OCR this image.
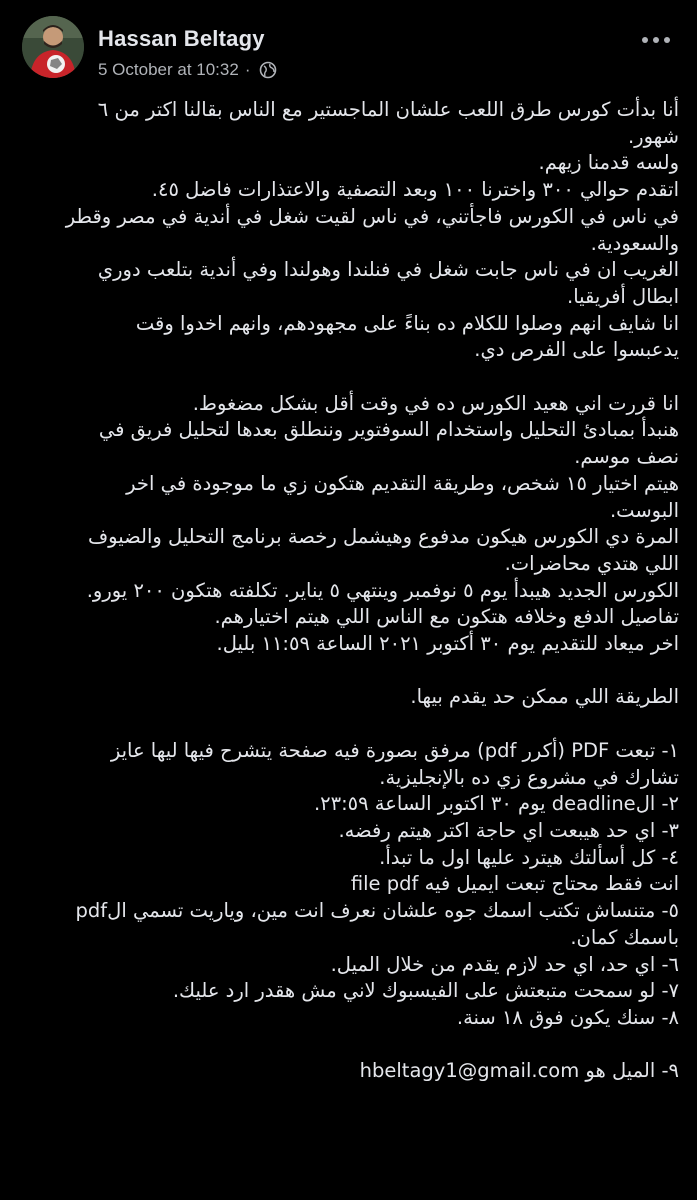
Hassan Beltagy
5 October at 10:32 ·
أنا بدأت كورس طرق اللعب علشان الماجستير مع الناس بقالنا اكتر من ٦
شهور.
ولسه قدمنا زيهم.
اتقدم حوالي ٣٠٠ واخترنا ١٠٠ وبعد التصفية والاعتذارات فاضل ٤٥.
في ناس في الكورس فاجأتني، في ناس لقيت شغل في أندية في مصر وقطر
والسعودية.
الغريب ان في ناس جابت شغل في فنلندا وهولندا وفي أندية بتلعب دوري
ابطال أفريقيا.
انا شايف انهم وصلوا للكلام ده بناءً على مجهودهم، وانهم اخدوا وقت
يدعبسوا على الفرص دي.

انا قررت اني هعيد الكورس ده في وقت أقل بشكل مضغوط.
هنبدأ بمبادئ التحليل واستخدام السوفتوير وننطلق بعدها لتحليل فريق في
نصف موسم.
هيتم اختيار ١٥ شخص، وطريقة التقديم هتكون زي ما موجودة في اخر
البوست.
المرة دي الكورس هيكون مدفوع وهيشمل رخصة برنامج التحليل والضيوف
اللي هتدي محاضرات.
الكورس الجديد هيبدأ يوم ٥ نوفمبر وينتهي ٥ يناير. تكلفته هتكون ٢٠٠ يورو.
تفاصيل الدفع وخلافه هتكون مع الناس اللي هيتم اختيارهم.
اخر ميعاد للتقديم يوم ٣٠ أكتوبر ٢٠٢١ الساعة ١١:٥٩ بليل.

الطريقة اللي ممكن حد يقدم بيها.

١- تبعت PDF (أكرر pdf) مرفق بصورة فيه صفحة يتشرح فيها ليها عايز
تشارك في مشروع زي ده بالإنجليزية.
٢- الdeadline يوم ٣٠ اكتوبر الساعة ٢٣:٥٩.
٣- اي حد هيبعت اي حاجة اكتر هيتم رفضه.
٤- كل أسألتك هيترد عليها اول ما تبدأ.
انت فقط محتاج تبعت ايميل فيه file pdf
٥- متنساش تكتب اسمك جوه علشان نعرف انت مين، وياريت تسمي الpdf
باسمك كمان.
٦- اي حد، اي حد لازم يقدم من خلال الميل.
٧- لو سمحت متبعتش على الفيسبوك لاني مش هقدر ارد عليك.
٨- سنك يكون فوق ١٨ سنة.

٩- الميل هو hbeltagy1@gmail.com
